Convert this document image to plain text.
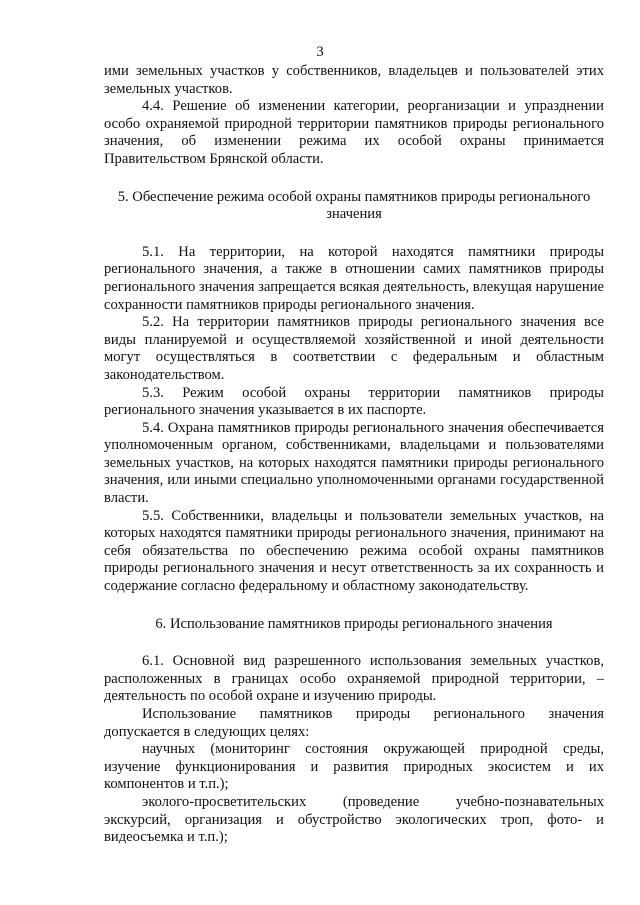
3

ими земельных участков у собственников, владельцев и пользователей этих земельных участков.

4.4. Решение об изменении категории, реорганизации и упразднении особо охраняемой природной территории памятников природы регионального значения, об изменении режима их особой охраны принимается Правительством Брянской области.

5. Обеспечение режима особой охраны памятников природы регионального значения

5.1. На территории, на которой находятся памятники природы регионального значения, а также в отношении самих памятников природы регионального значения запрещается всякая деятельность, влекущая нарушение сохранности памятников природы регионального значения.

5.2. На территории памятников природы регионального значения все виды планируемой и осуществляемой хозяйственной и иной деятельности могут осуществляться в соответствии с федеральным и областным законодательством.

5.3. Режим особой охраны территории памятников природы регионального значения указывается в их паспорте.

5.4. Охрана памятников природы регионального значения обеспечивается уполномоченным органом, собственниками, владельцами и пользователями земельных участков, на которых находятся памятники природы регионального значения, или иными специально уполномоченными органами государственной власти.

5.5. Собственники, владельцы и пользователи земельных участков, на которых находятся памятники природы регионального значения, принимают на себя обязательства по обеспечению режима особой охраны памятников природы регионального значения и несут ответственность за их сохранность и содержание согласно федеральному и областному законодательству.

6. Использование памятников природы регионального значения

6.1. Основной вид разрешенного использования земельных участков, расположенных в границах особо охраняемой природной территории, – деятельность по особой охране и изучению природы.

Использование памятников природы регионального значения допускается в следующих целях:

научных (мониторинг состояния окружающей природной среды, изучение функционирования и развития природных экосистем и их компонентов и т.п.);

эколого-просветительских (проведение учебно-познавательных экскурсий, организация и обустройство экологических троп, фото- и видеосъемка и т.п.);
